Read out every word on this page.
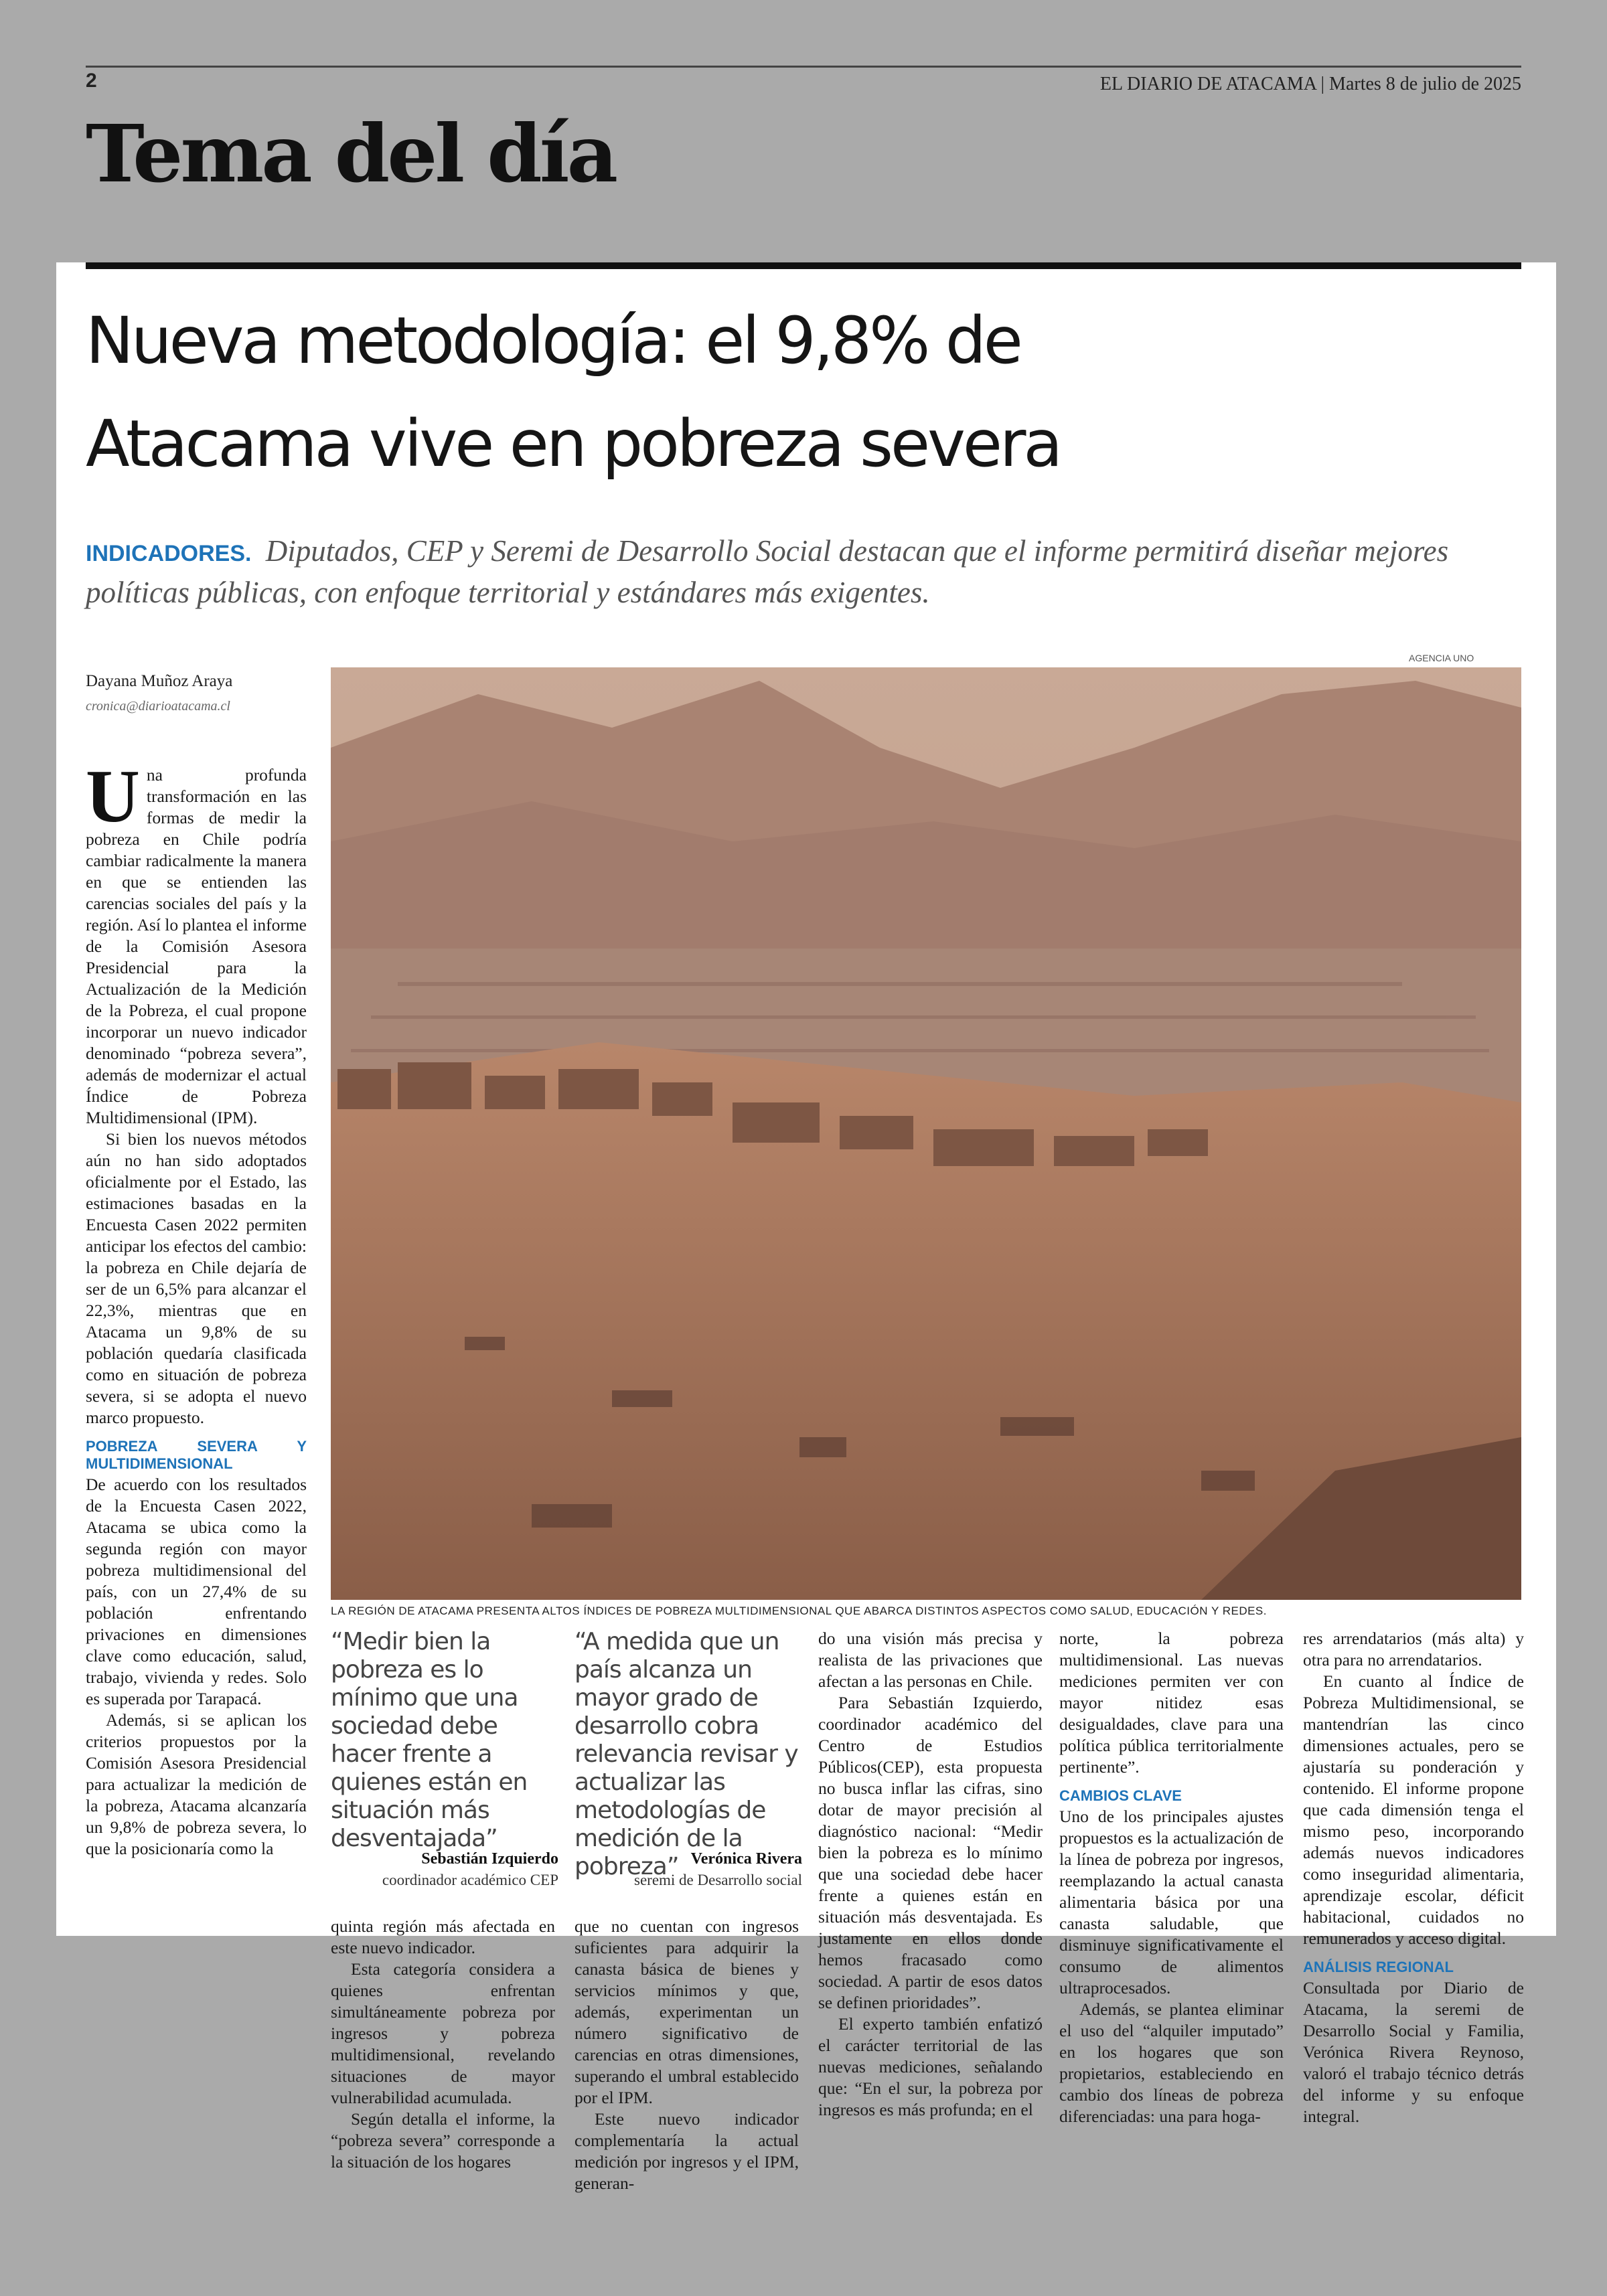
2	EL DIARIO DE ATACAMA | Martes 8 de julio de 2025
Tema del día
Nueva metodología: el 9,8% de
Atacama vive en pobreza severa
INDICADORES. Diputados, CEP y Seremi de Desarrollo Social destacan que el informe permitirá diseñar mejores políticas públicas, con enfoque territorial y estándares más exigentes.
AGENCIA UNO
Dayana Muñoz Araya
cronica@diarioatacama.cl
LA REGIÓN DE ATACAMA PRESENTA ALTOS ÍNDICES DE POBREZA MULTIDIMENSIONAL QUE ABARCA DISTINTOS ASPECTOS COMO SALUD, EDUCACIÓN Y REDES.

Una profunda transformación en las formas de medir la pobreza en Chile podría cambiar radicalmente la manera en que se entienden las carencias sociales del país y la región. Así lo plantea el informe de la Comisión Asesora Presidencial para la Actualización de la Medición de la Pobreza, el cual propone incorporar un nuevo indicador denominado “pobreza severa”, además de modernizar el actual Índice de Pobreza Multidimensional (IPM).

Si bien los nuevos métodos aún no han sido adoptados oficialmente por el Estado, las estimaciones basadas en la Encuesta Casen 2022 permiten anticipar los efectos del cambio: la pobreza en Chile dejaría de ser de un 6,5% para alcanzar el 22,3%, mientras que en Atacama un 9,8% de su población quedaría clasificada como en situación de pobreza severa, si se adopta el nuevo marco propuesto.

POBREZA SEVERA Y MULTIDIMENSIONAL

De acuerdo con los resultados de la Encuesta Casen 2022, Atacama se ubica como la segunda región con mayor pobreza multidimensional del país, con un 27,4% de su población enfrentando privaciones en dimensiones clave como educación, salud, trabajo, vivienda y redes. Solo es superada por Tarapacá.

Además, si se aplican los criterios propuestos por la Comisión Asesora Presidencial para actualizar la medición de la pobreza, Atacama alcanzaría un 9,8% de pobreza severa, lo que la posicionaría como la

“Medir bien la pobreza es lo mínimo que una sociedad debe hacer frente a quienes están en situación más desventajada”
Sebastián Izquierdo
coordinador académico CEP
“A medida que un país alcanza un mayor grado de desarrollo cobra relevancia revisar y actualizar las metodologías de medición de la pobreza” Verónica Rivera
seremi de Desarrollo social

quinta región más afectada en este nuevo indicador.

Esta categoría considera a quienes enfrentan simultáneamente pobreza por ingresos y pobreza multidimensional, revelando situaciones de mayor vulnerabilidad acumulada.

Según detalla el informe, la “pobreza severa” corresponde a la situación de los hogares

que no cuentan con ingresos suficientes para adquirir la canasta básica de bienes y servicios mínimos y que, además, experimentan un número significativo de carencias en otras dimensiones, superando el umbral establecido por el IPM.

Este nuevo indicador complementaría la actual medición por ingresos y el IPM, generan-

do una visión más precisa y realista de las privaciones que afectan a las personas en Chile.

Para Sebastián Izquierdo, coordinador académico del Centro de Estudios Públicos(CEP), esta propuesta no busca inflar las cifras, sino dotar de mayor precisión al diagnóstico nacional: “Medir bien la pobreza es lo mínimo que una sociedad debe hacer frente a quienes están en situación más desventajada. Es justamente en ellos donde hemos fracasado como sociedad. A partir de esos datos se definen prioridades”.

El experto también enfatizó el carácter territorial de las nuevas mediciones, señalando que: “En el sur, la pobreza por ingresos es más profunda; en el

norte, la pobreza multidimensional. Las nuevas mediciones permiten ver con mayor nitidez esas desigualdades, clave para una política pública territorialmente pertinente”.

CAMBIOS CLAVE

Uno de los principales ajustes propuestos es la actualización de la línea de pobreza por ingresos, reemplazando la actual canasta alimentaria básica por una canasta saludable, que disminuye significativamente el consumo de alimentos ultraprocesados.

Además, se plantea eliminar el uso del “alquiler imputado” en los hogares que son propietarios, estableciendo en cambio dos líneas de pobreza diferenciadas: una para hoga-

res arrendatarios (más alta) y otra para no arrendatarios.

En cuanto al Índice de Pobreza Multidimensional, se mantendrían las cinco dimensiones actuales, pero se ajustaría su ponderación y contenido. El informe propone que cada dimensión tenga el mismo peso, incorporando además nuevos indicadores como inseguridad alimentaria, aprendizaje escolar, déficit habitacional, cuidados no remunerados y acceso digital.

ANÁLISIS REGIONAL

Consultada por Diario de Atacama, la seremi de Desarrollo Social y Familia, Verónica Rivera Reynoso, valoró el trabajo técnico detrás del informe y su enfoque integral.
